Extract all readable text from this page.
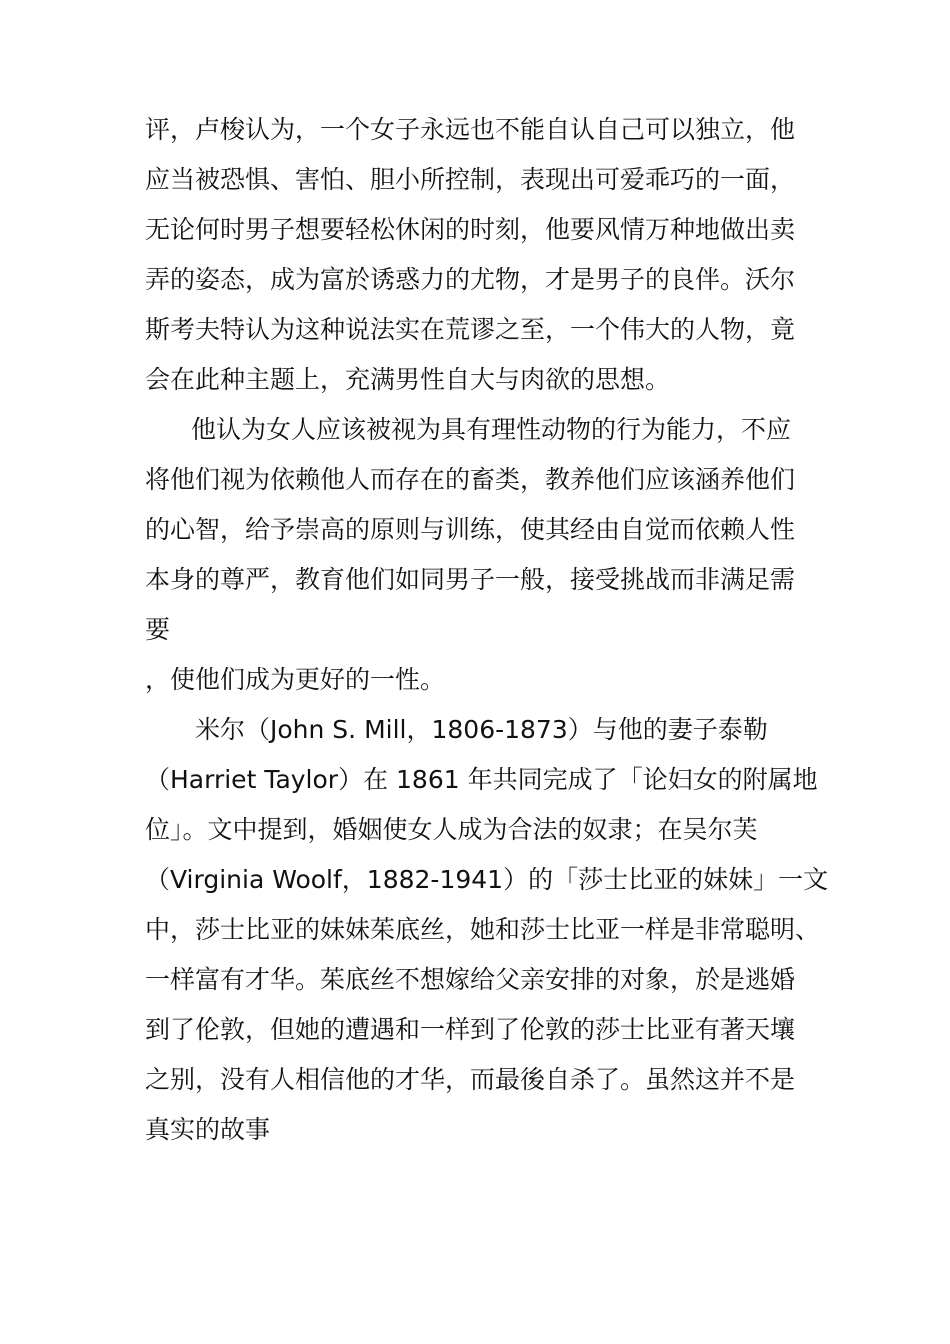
评，卢梭认为，一个女子永远也不能自认自己可以独立，他
应当被恐惧、害怕、胆小所控制，表现出可爱乖巧的一面，
无论何时男子想要轻松休闲的时刻，他要风情万种地做出卖
弄的姿态，成为富於诱惑力的尤物，才是男子的良伴。沃尔
斯考夫特认为这种说法实在荒谬之至，一个伟大的人物，竟
会在此种主题上，充满男性自大与肉欲的思想。
他认为女人应该被视为具有理性动物的行为能力，不应
将他们视为依赖他人而存在的畜类，教养他们应该涵养他们
的心智，给予崇高的原则与训练，使其经由自觉而依赖人性
本身的尊严，教育他们如同男子一般，接受挑战而非满足需
要
，使他们成为更好的一性。
米尔（John S. Mill，1806-1873）与他的妻子泰勒
（Harriet Taylor）在 1861 年共同完成了「论妇女的附属地
位」。文中提到，婚姻使女人成为合法的奴隶；在吴尔芙
（Virginia Woolf，1882-1941）的「莎士比亚的妹妹」一文
中，莎士比亚的妹妹茱底丝，她和莎士比亚一样是非常聪明、
一样富有才华。茱底丝不想嫁给父亲安排的对象，於是逃婚
到了伦敦，但她的遭遇和一样到了伦敦的莎士比亚有著天壤
之别，没有人相信他的才华，而最後自杀了。虽然这并不是
真实的故事
